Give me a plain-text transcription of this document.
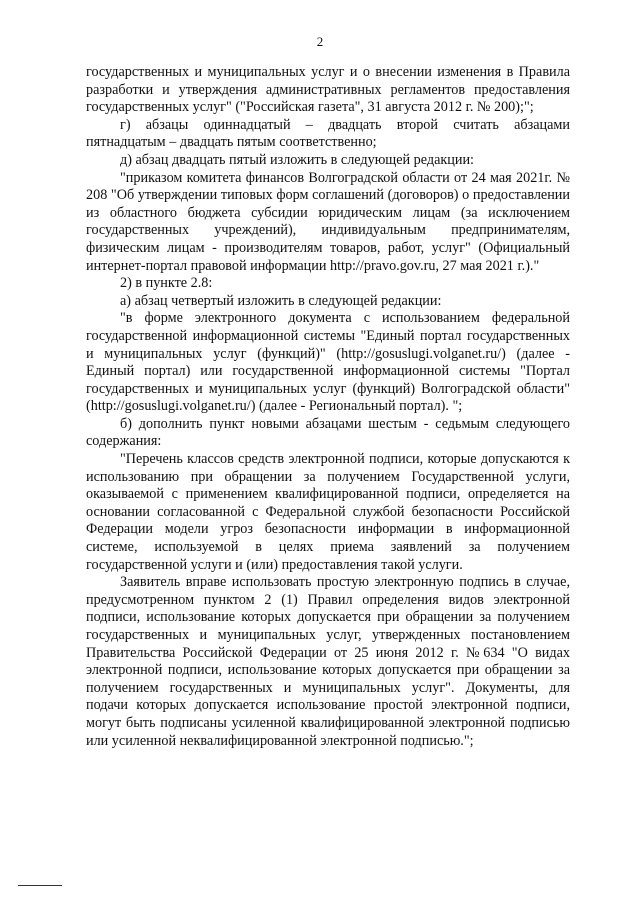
2

государственных и муниципальных услуг и о внесении изменения в Правила разработки и утверждения административных регламентов предоставления государственных услуг" ("Российская газета", 31 августа 2012 г. № 200);";

г) абзацы одиннадцатый – двадцать второй считать абзацами пятнадцатым – двадцать пятым соответственно;

д) абзац двадцать пятый изложить в следующей редакции:

"приказом комитета финансов Волгоградской области от 24 мая 2021г. № 208 "Об утверждении типовых форм соглашений (договоров) о предоставлении из областного бюджета субсидии юридическим лицам (за исключением государственных учреждений), индивидуальным предпринимателям, физическим лицам - производителям товаров, работ, услуг" (Официальный интернет-портал правовой информации http://pravo.gov.ru, 27 мая 2021 г.)."

2) в пункте 2.8:

а) абзац четвертый изложить в следующей редакции:

"в форме электронного документа с использованием федеральной государственной информационной системы "Единый портал государственных и муниципальных услуг (функций)" (http://gosuslugi.volganet.ru/) (далее - Единый портал) или государственной информационной системы "Портал государственных и муниципальных услуг (функций) Волгоградской области" (http://gosuslugi.volganet.ru/) (далее - Региональный портал). ";

б) дополнить пункт новыми абзацами шестым - седьмым следующего содержания:

"Перечень классов средств электронной подписи, которые допускаются к использованию при обращении за получением Государственной услуги, оказываемой с применением квалифицированной подписи, определяется на основании согласованной с Федеральной службой безопасности Российской Федерации модели угроз безопасности информации в информационной системе, используемой в целях приема заявлений за получением государственной услуги и (или) предоставления такой услуги.

Заявитель вправе использовать простую электронную подпись в случае, предусмотренном пунктом 2 (1) Правил определения видов электронной подписи, использование которых допускается при обращении за получением государственных и муниципальных услуг, утвержденных постановлением Правительства Российской Федерации от 25 июня 2012 г. №634 "О видах электронной подписи, использование которых допускается при обращении за получением государственных и муниципальных услуг". Документы, для подачи которых допускается использование простой электронной подписи, могут быть подписаны усиленной квалифицированной электронной подписью или усиленной неквалифицированной электронной подписью.";
